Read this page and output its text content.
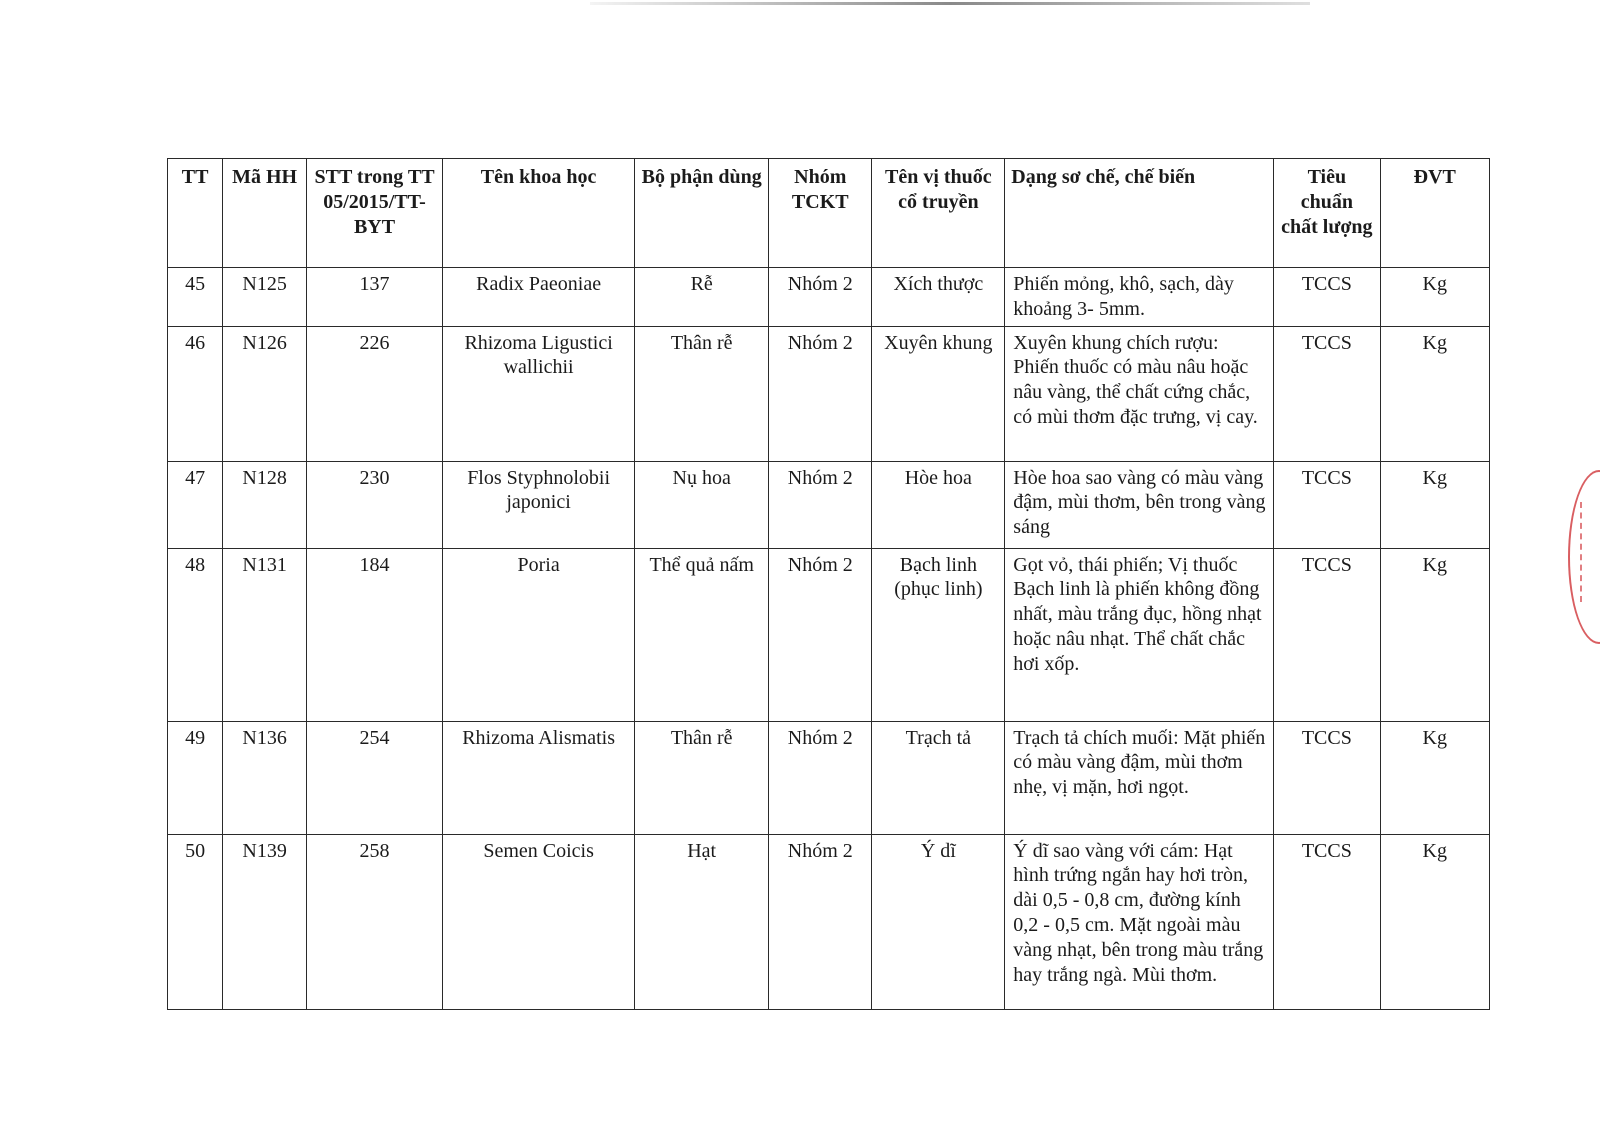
TT	Mã HH	STT trong TT 05/2015/TT-BYT	Tên khoa học	Bộ phận dùng	Nhóm TCKT	Tên vị thuốc cổ truyền	Dạng sơ chế, chế biến	Tiêu chuẩn chất lượng	ĐVT
45	N125	137	Radix Paeoniae	Rễ	Nhóm 2	Xích thược	Phiến mỏng, khô, sạch, dày khoảng 3- 5mm.	TCCS	Kg
46	N126	226	Rhizoma Ligustici wallichii	Thân rễ	Nhóm 2	Xuyên khung	Xuyên khung chích rượu: Phiến thuốc có màu nâu hoặc nâu vàng, thể chất cứng chắc, có mùi thơm đặc trưng, vị cay.	TCCS	Kg
47	N128	230	Flos Styphnolobii japonici	Nụ hoa	Nhóm 2	Hòe hoa	Hòe hoa sao vàng có màu vàng đậm, mùi thơm, bên trong vàng sáng	TCCS	Kg
48	N131	184	Poria	Thể quả nấm	Nhóm 2	Bạch linh (phục linh)	Gọt vỏ, thái phiến; Vị thuốc Bạch linh là phiến không đồng nhất, màu trắng đục, hồng nhạt hoặc nâu nhạt. Thể chất chắc hơi xốp.	TCCS	Kg
49	N136	254	Rhizoma Alismatis	Thân rễ	Nhóm 2	Trạch tả	Trạch tả chích muối: Mặt phiến có màu vàng đậm, mùi thơm nhẹ, vị mặn, hơi ngọt.	TCCS	Kg
50	N139	258	Semen Coicis	Hạt	Nhóm 2	Ý dĩ	Ý dĩ sao vàng với cám: Hạt hình trứng ngắn hay hơi tròn, dài 0,5 - 0,8 cm, đường kính 0,2 - 0,5 cm. Mặt ngoài màu vàng nhạt, bên trong màu trắng hay trắng ngà. Mùi thơm.	TCCS	Kg
